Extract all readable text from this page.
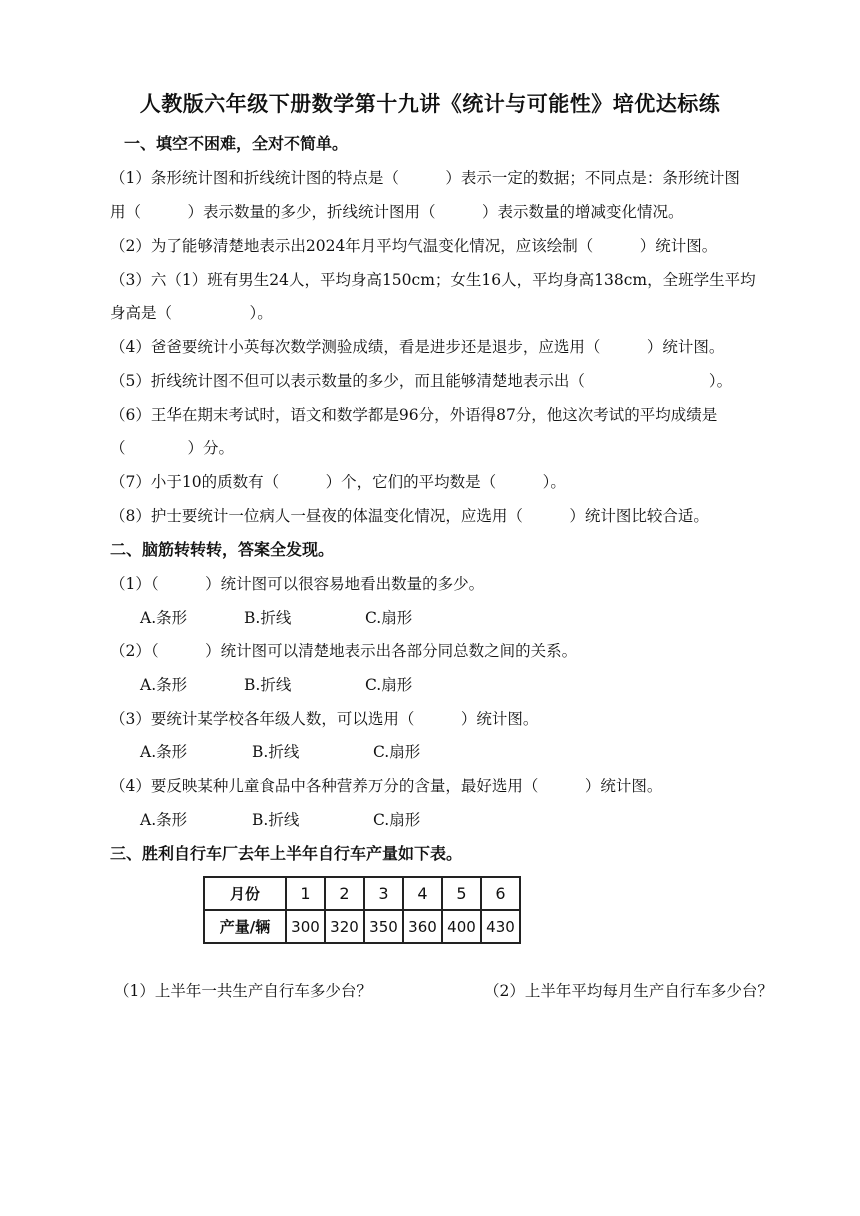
人教版六年级下册数学第十九讲《统计与可能性》培优达标练
一、填空不困难，全对不简单。
（1）条形统计图和折线统计图的特点是（　　　）表示一定的数据；不同点是：条形统计图
用（　　　）表示数量的多少，折线统计图用（　　　）表示数量的增减变化情况。
（2）为了能够清楚地表示出2024年月平均气温变化情况，应该绘制（　　　）统计图。
（3）六（1）班有男生24人，平均身高150cm；女生16人，平均身高138cm，全班学生平均
身高是（　　　　　）。
（4）爸爸要统计小英每次数学测验成绩，看是进步还是退步，应选用（　　　）统计图。
（5）折线统计图不但可以表示数量的多少，而且能够清楚地表示出（　　　　　　　　）。
（6）王华在期末考试时，语文和数学都是96分，外语得87分，他这次考试的平均成绩是
（　　　　）分。
（7）小于10的质数有（　　　）个，它们的平均数是（　　　）。
（8）护士要统计一位病人一昼夜的体温变化情况，应选用（　　　）统计图比较合适。
二、脑筋转转转，答案全发现。
（1）（　　　）统计图可以很容易地看出数量的多少。
A.条形	B.折线	C.扇形
（2）（　　　）统计图可以清楚地表示出各部分同总数之间的关系。
A.条形	B.折线	C.扇形
（3）要统计某学校各年级人数，可以选用（　　　）统计图。
A.条形	B.折线	C.扇形
（4）要反映某种儿童食品中各种营养万分的含量，最好选用（　　　）统计图。
A.条形	B.折线	C.扇形
三、胜利自行车厂去年上半年自行车产量如下表。
月份	1	2	3	4	5	6
产量/辆	300	320	350	360	400	430
（1）上半年一共生产自行车多少台？	（2）上半年平均每月生产自行车多少台？
